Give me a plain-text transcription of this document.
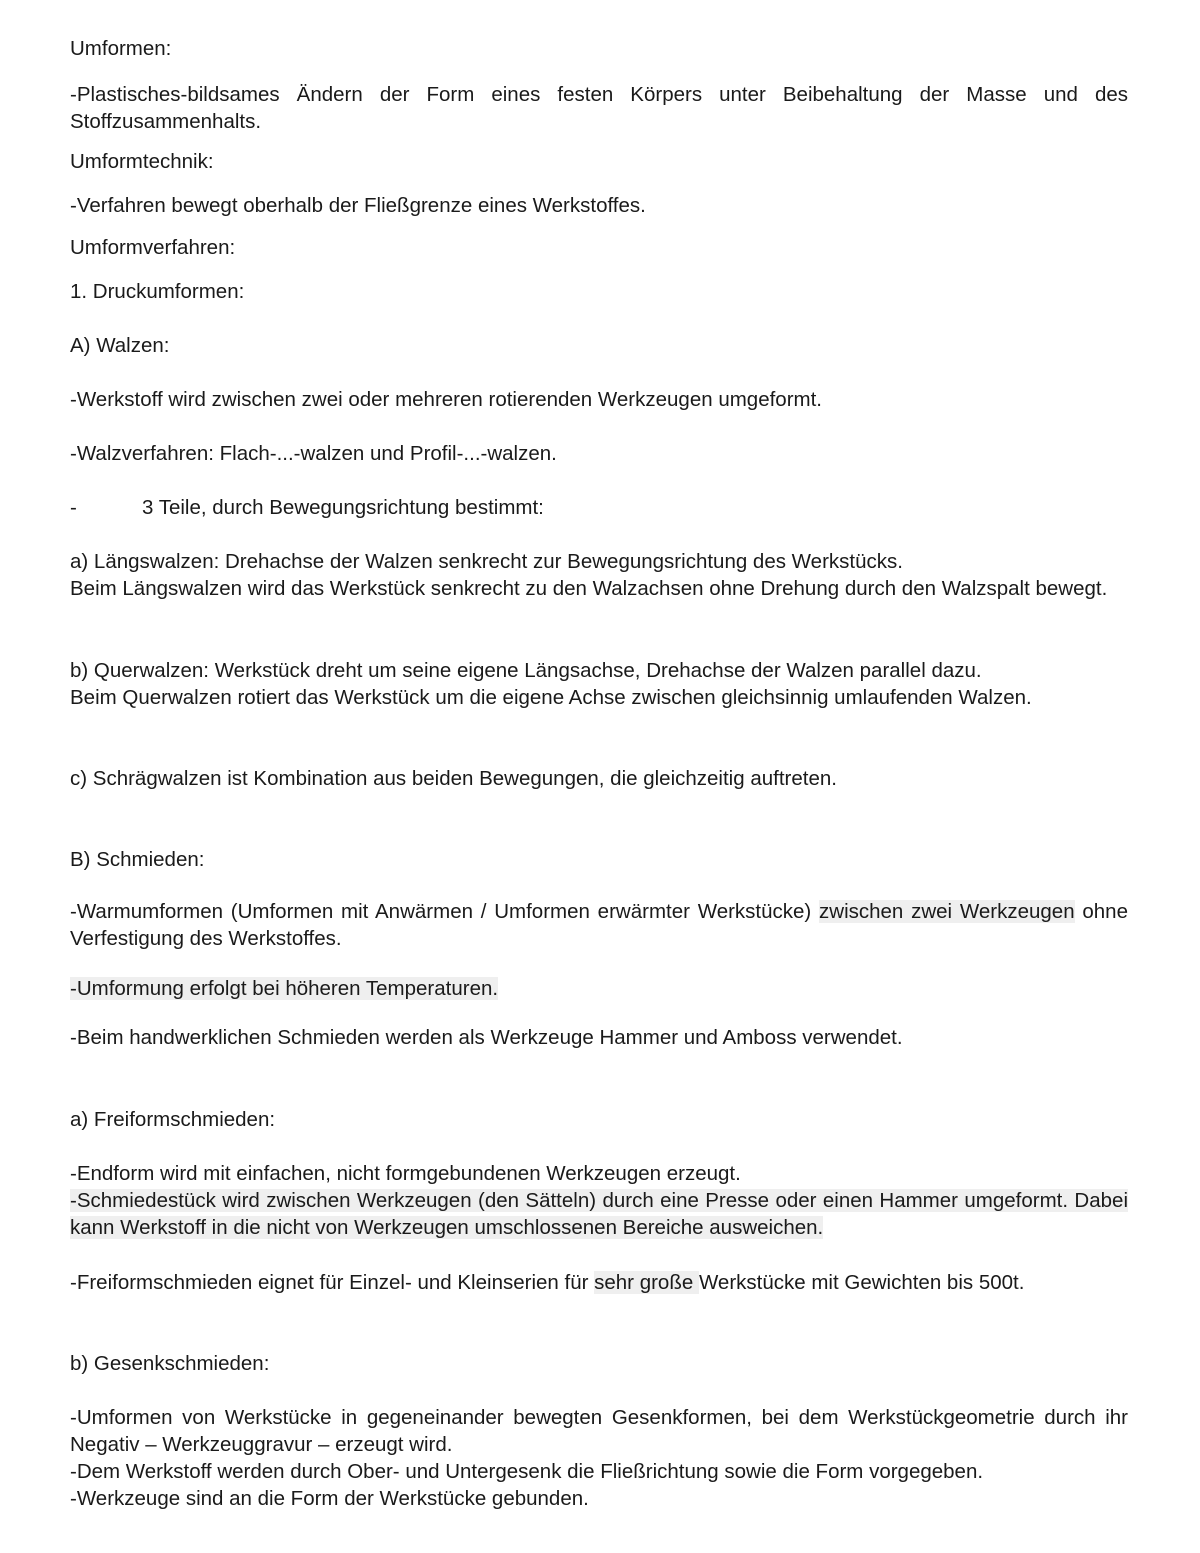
Umformen:

-Plastisches-bildsames Ändern der Form eines festen Körpers unter Beibehaltung der Masse und des Stoffzusammenhalts.

Umformtechnik:

-Verfahren bewegt oberhalb der Fließgrenze eines Werkstoffes.

Umformverfahren:

1. Druckumformen:

A) Walzen:

-Werkstoff wird zwischen zwei oder mehreren rotierenden Werkzeugen umgeformt.

-Walzverfahren: Flach-...-walzen und Profil-...-walzen.

-	3 Teile, durch Bewegungsrichtung bestimmt:

a) Längswalzen: Drehachse der Walzen senkrecht zur Bewegungsrichtung des Werkstücks.
Beim Längswalzen wird das Werkstück senkrecht zu den Walzachsen ohne Drehung durch den Walzspalt bewegt.

b) Querwalzen: Werkstück dreht um seine eigene Längsachse, Drehachse der Walzen parallel dazu.
Beim Querwalzen rotiert das Werkstück um die eigene Achse zwischen gleichsinnig umlaufenden Walzen.

c) Schrägwalzen ist Kombination aus beiden Bewegungen, die gleichzeitig auftreten.

B) Schmieden:

-Warmumformen (Umformen mit Anwärmen / Umformen erwärmter Werkstücke) zwischen zwei Werkzeugen ohne Verfestigung des Werkstoffes.

-Umformung erfolgt bei höheren Temperaturen.

-Beim handwerklichen Schmieden werden als Werkzeuge Hammer und Amboss verwendet.

a) Freiformschmieden:

-Endform wird mit einfachen, nicht formgebundenen Werkzeugen erzeugt.

-Schmiedestück wird zwischen Werkzeugen (den Sätteln) durch eine Presse oder einen Hammer umgeformt. Dabei kann Werkstoff in die nicht von Werkzeugen umschlossenen Bereiche ausweichen.

-Freiformschmieden eignet für Einzel- und Kleinserien für sehr große Werkstücke mit Gewichten bis 500t.

b) Gesenkschmieden:

-Umformen von Werkstücke in gegeneinander bewegten Gesenkformen, bei dem Werkstückgeometrie durch ihr Negativ – Werkzeuggravur – erzeugt wird.

-Dem Werkstoff werden durch Ober- und Untergesenk die Fließrichtung sowie die Form vorgegeben.

-Werkzeuge sind an die Form der Werkstücke gebunden.
